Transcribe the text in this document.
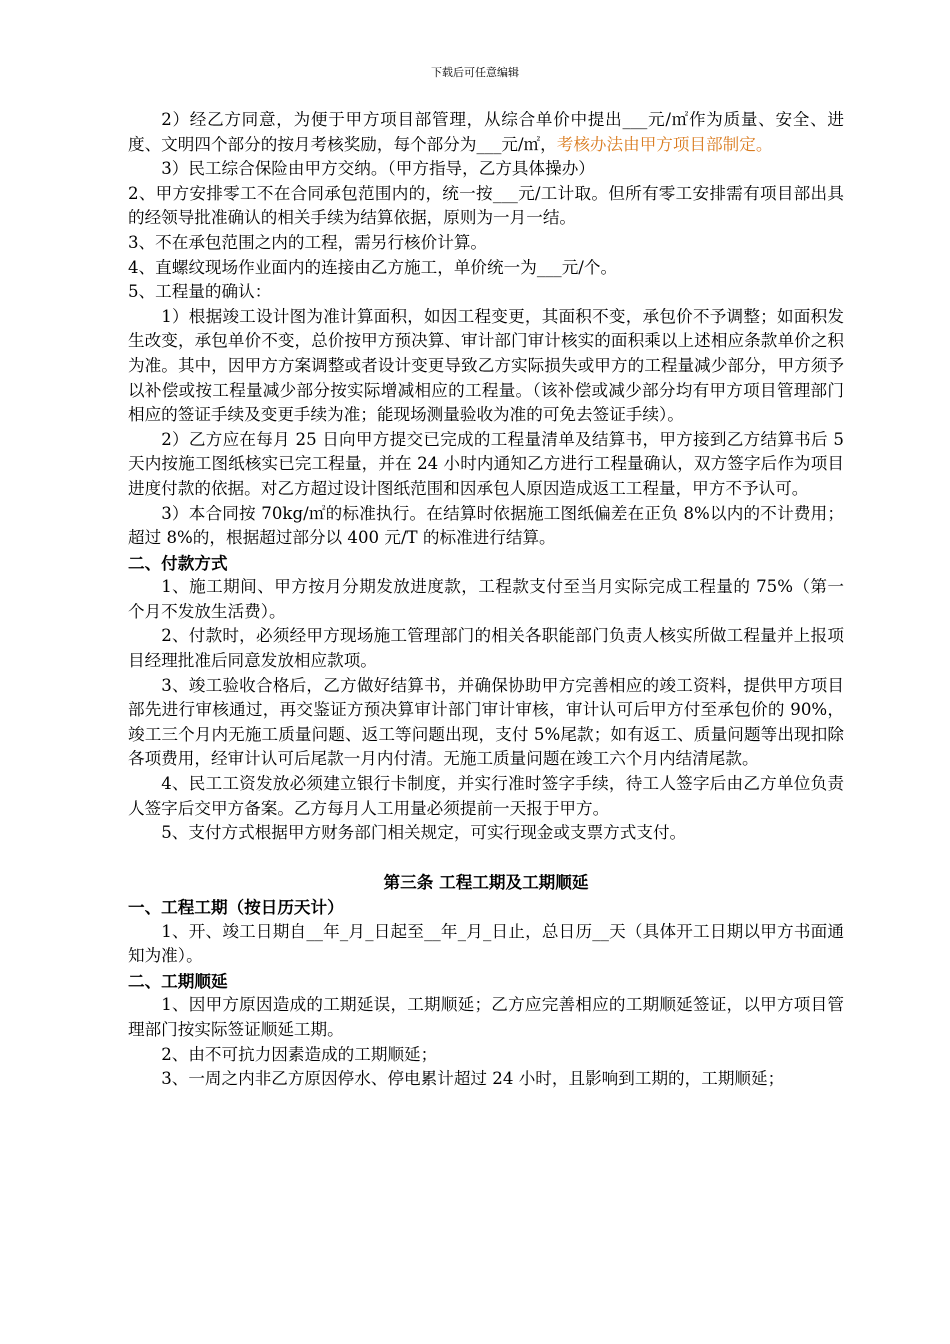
下载后可任意编辑

2）经乙方同意，为便于甲方项目部管理，从综合单价中提出___元/㎡作为质量、安全、进度、文明四个部分的按月考核奖励，每个部分为___元/㎡，考核办法由甲方项目部制定。

3）民工综合保险由甲方交纳。（甲方指导，乙方具体操办）

2、甲方安排零工不在合同承包范围内的，统一按___元/工计取。但所有零工安排需有项目部出具的经领导批准确认的相关手续为结算依据，原则为一月一结。

3、不在承包范围之内的工程，需另行核价计算。

4、直螺纹现场作业面内的连接由乙方施工，单价统一为___元/个。

5、工程量的确认：

1）根据竣工设计图为准计算面积，如因工程变更，其面积不变，承包价不予调整；如面积发生改变，承包单价不变，总价按甲方预决算、审计部门审计核实的面积乘以上述相应条款单价之积为准。其中，因甲方方案调整或者设计变更导致乙方实际损失或甲方的工程量减少部分，甲方须予以补偿或按工程量减少部分按实际增减相应的工程量。（该补偿或减少部分均有甲方项目管理部门相应的签证手续及变更手续为准；能现场测量验收为准的可免去签证手续）。

2）乙方应在每月 25 日向甲方提交已完成的工程量清单及结算书，甲方接到乙方结算书后 5 天内按施工图纸核实已完工程量，并在 24 小时内通知乙方进行工程量确认，双方签字后作为项目进度付款的依据。对乙方超过设计图纸范围和因承包人原因造成返工工程量，甲方不予认可。

3）本合同按 70kg/㎡的标准执行。在结算时依据施工图纸偏差在正负 8%以内的不计费用；超过 8%的，根据超过部分以 400 元/T 的标准进行结算。

二、付款方式

1、施工期间、甲方按月分期发放进度款，工程款支付至当月实际完成工程量的 75%（第一个月不发放生活费）。

2、付款时，必须经甲方现场施工管理部门的相关各职能部门负责人核实所做工程量并上报项目经理批准后同意发放相应款项。

3、竣工验收合格后，乙方做好结算书，并确保协助甲方完善相应的竣工资料，提供甲方项目部先进行审核通过，再交鉴证方预决算审计部门审计审核，审计认可后甲方付至承包价的 90%，竣工三个月内无施工质量问题、返工等问题出现，支付 5%尾款；如有返工、质量问题等出现扣除各项费用，经审计认可后尾款一月内付清。无施工质量问题在竣工六个月内结清尾款。

4、民工工资发放必须建立银行卡制度，并实行准时签字手续，待工人签字后由乙方单位负责人签字后交甲方备案。乙方每月人工用量必须提前一天报于甲方。

5、支付方式根据甲方财务部门相关规定，可实行现金或支票方式支付。

第三条 工程工期及工期顺延

一、工程工期（按日历天计）

1、开、竣工日期自__年_月_日起至__年_月_日止，总日历__天（具体开工日期以甲方书面通知为准）。

二、工期顺延

1、因甲方原因造成的工期延误，工期顺延；乙方应完善相应的工期顺延签证，以甲方项目管理部门按实际签证顺延工期。

2、由不可抗力因素造成的工期顺延；

3、一周之内非乙方原因停水、停电累计超过 24 小时，且影响到工期的，工期顺延；
